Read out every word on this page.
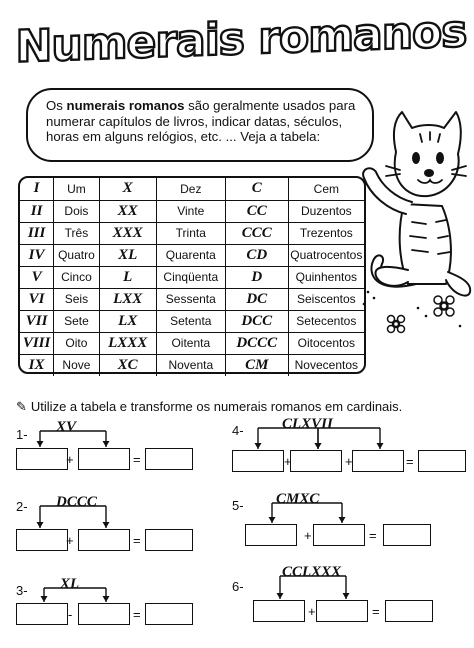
Numerais romanos
Os numerais romanos são geralmente usados para numerar capítulos de livros, indicar datas, séculos, horas em alguns relógios, etc. ... Veja a tabela:
I	Um	X	Dez	C	Cem
II	Dois	XX	Vinte	CC	Duzentos
III	Três	XXX	Trinta	CCC	Trezentos
IV	Quatro	XL	Quarenta	CD	Quatrocentos
V	Cinco	L	Cinqüenta	D	Quinhentos
VI	Seis	LXX	Sessenta	DC	Seiscentos
VII	Sete	LX	Setenta	DCC	Setecentos
VIII	Oito	LXXX	Oitenta	DCCC	Oitocentos
IX	Nove	XC	Noventa	CM	Novecentos
✎ Utilize a tabela e transforme os numerais romanos em cardinais.
1- XV
+	=
2- DCCC
+	=
3- XL
-	=
4-	CLXVII
+	+	=
5- CMXC
+	=
6-
CCLXXX
+	=
